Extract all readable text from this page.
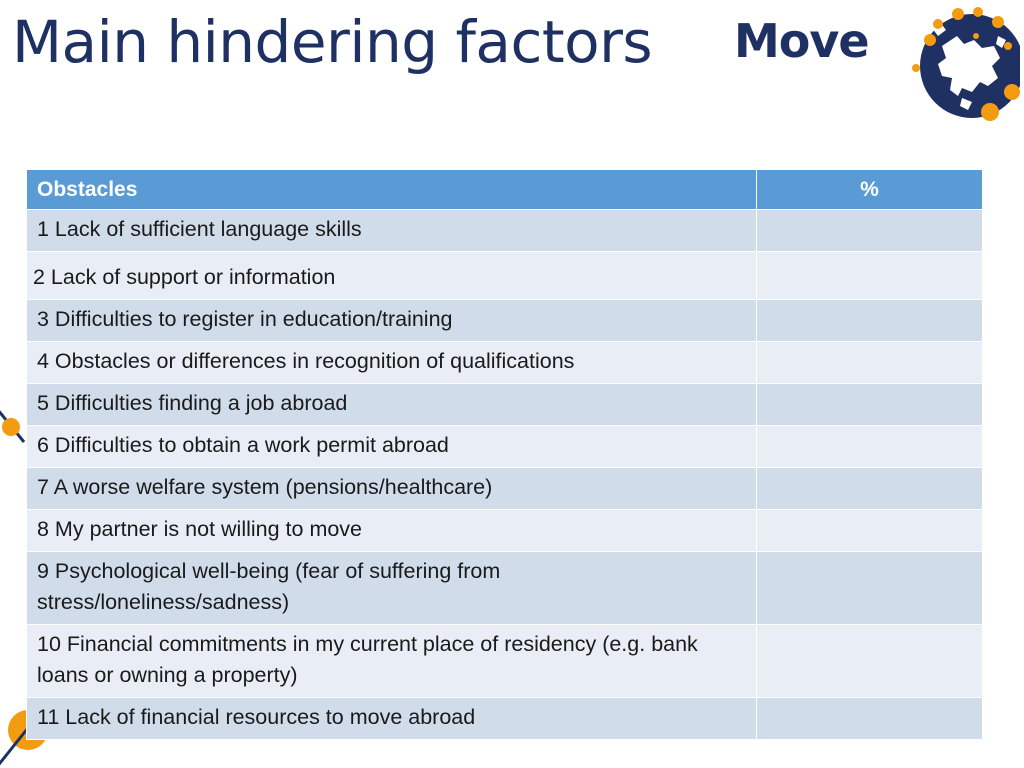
Main hindering factors Move
Obstacles	%
1 Lack of sufficient language skills	
2 Lack of support or information	
3 Difficulties to register in education/training	
4 Obstacles or differences in recognition of qualifications	
5 Difficulties finding a job abroad	
6 Difficulties to obtain a work permit abroad	
7 A worse welfare system (pensions/healthcare)	
8 My partner is not willing to move	
9 Psychological well-being (fear of suffering from stress/loneliness/sadness)	
10 Financial commitments in my current place of residency (e.g. bank loans or owning a property)	
11 Lack of financial resources to move abroad	
